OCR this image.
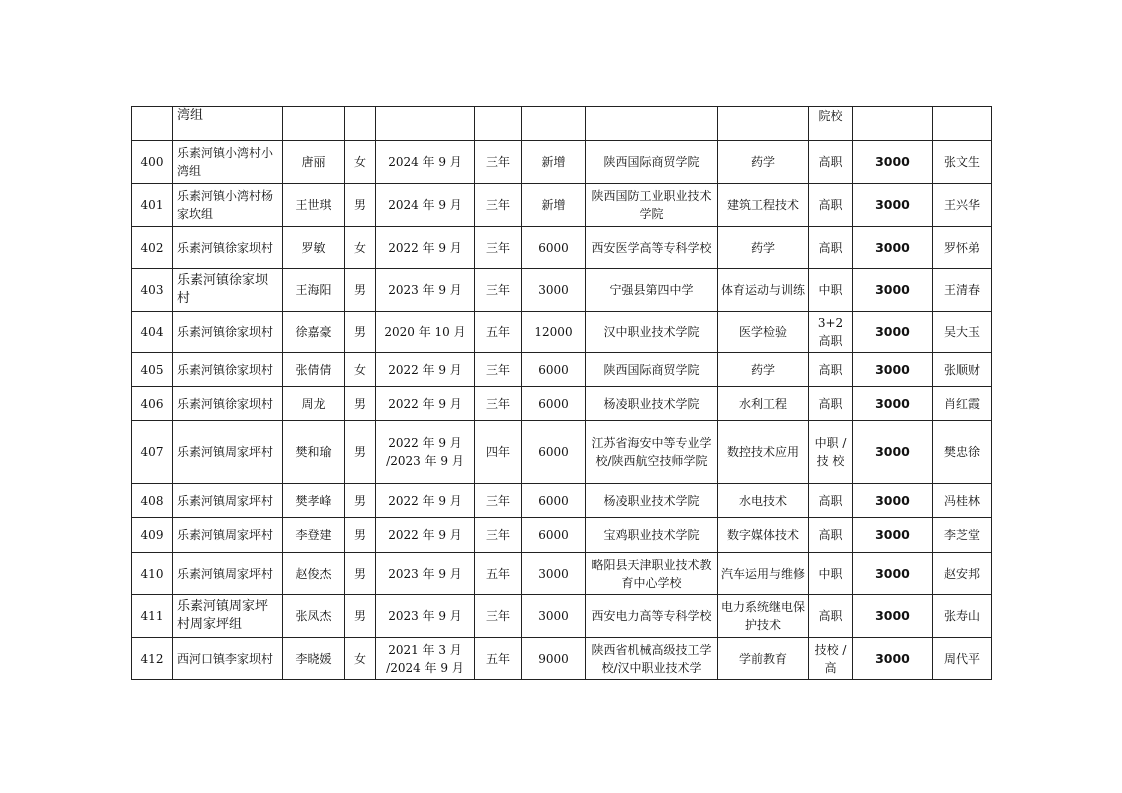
	湾组								院校		
400	乐素河镇小湾村小湾组	唐丽	女	2024 年 9 月	三年	新增	陕西国际商贸学院	药学	高职	3000	张文生
401	乐素河镇小湾村杨家坎组	王世琪	男	2024 年 9 月	三年	新增	陕西国防工业职业技术学院	建筑工程技术	高职	3000	王兴华
402	乐素河镇徐家坝村	罗敏	女	2022 年 9 月	三年	6000	西安医学高等专科学校	药学	高职	3000	罗怀弟
403	乐素河镇徐家坝村	王海阳	男	2023 年 9 月	三年	3000	宁强县第四中学	体育运动与训练	中职	3000	王清春
404	乐素河镇徐家坝村	徐嘉豪	男	2020 年 10 月	五年	12000	汉中职业技术学院	医学检验	3+2 高职	3000	吴大玉
405	乐素河镇徐家坝村	张倩倩	女	2022 年 9 月	三年	6000	陕西国际商贸学院	药学	高职	3000	张顺财
406	乐素河镇徐家坝村	周龙	男	2022 年 9 月	三年	6000	杨凌职业技术学院	水利工程	高职	3000	肖红霞
407	乐素河镇周家坪村	樊和瑜	男	2022 年 9 月 /2023 年 9 月	四年	6000	江苏省海安中等专业学校/陕西航空技师学院	数控技术应用	中职 /技 校	3000	樊忠徐
408	乐素河镇周家坪村	樊孝峰	男	2022 年 9 月	三年	6000	杨凌职业技术学院	水电技术	高职	3000	冯桂林
409	乐素河镇周家坪村	李登建	男	2022 年 9 月	三年	6000	宝鸡职业技术学院	数字媒体技术	高职	3000	李芝堂
410	乐素河镇周家坪村	赵俊杰	男	2023 年 9 月	五年	3000	略阳县天津职业技术教育中心学校	汽车运用与维修	中职	3000	赵安邦
411	乐素河镇周家坪村周家坪组	张凤杰	男	2023 年 9 月	三年	3000	西安电力高等专科学校	电力系统继电保护技术	高职	3000	张寿山
412	西河口镇李家坝村	李晓媛	女	2021 年 3 月 /2024 年 9 月	五年	9000	陕西省机械高级技工学校/汉中职业技术学	学前教育	技校 /高	3000	周代平
